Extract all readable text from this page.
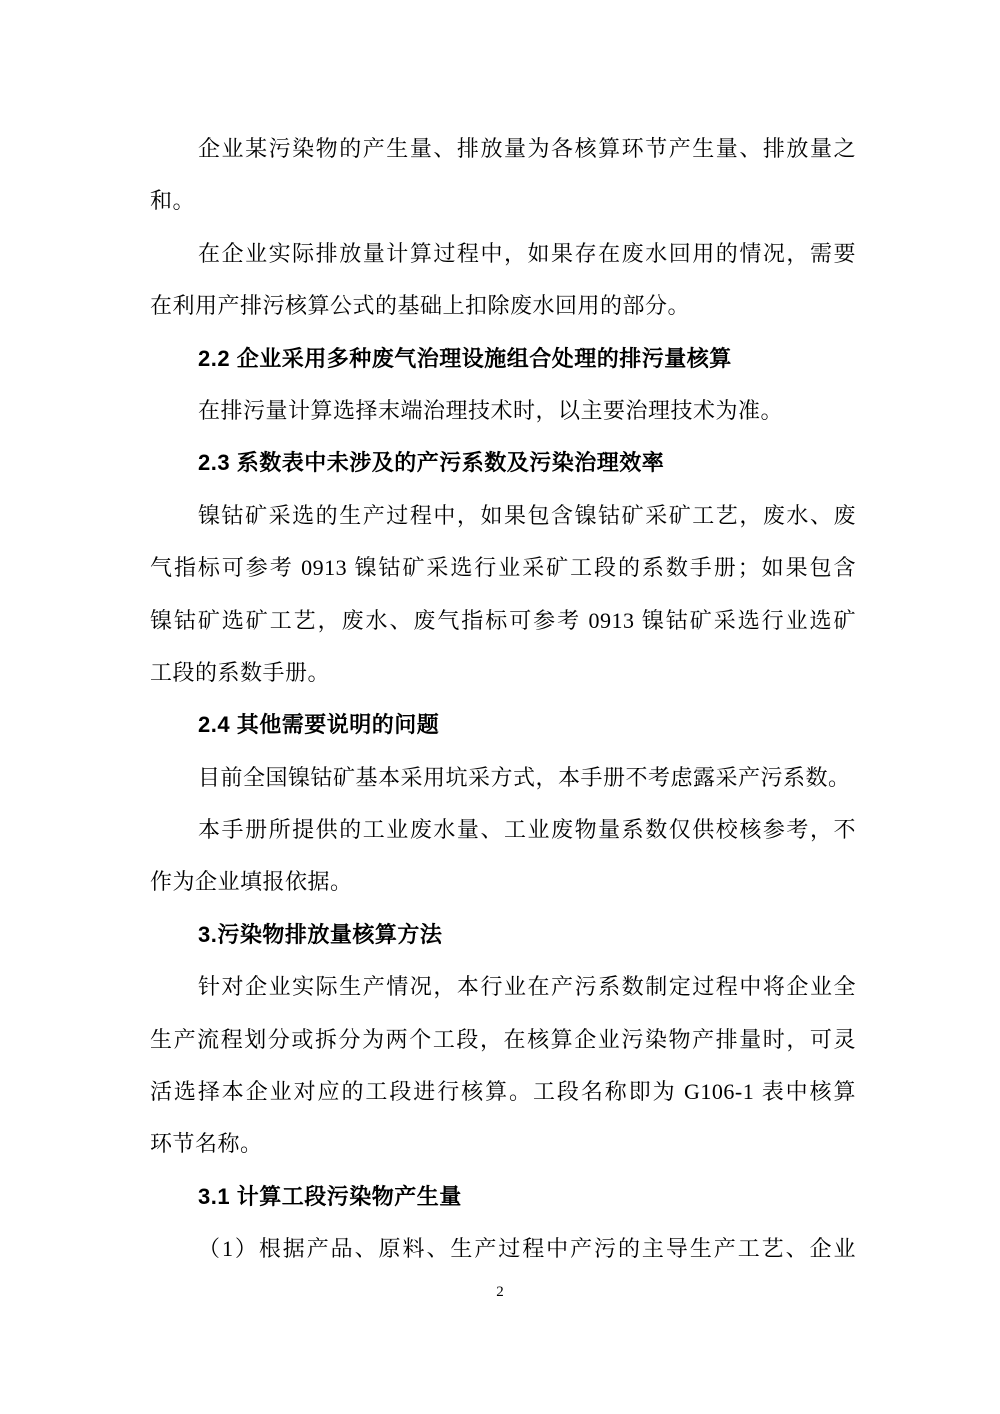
企业某污染物的产生量、排放量为各核算环节产生量、排放量之
和。
在企业实际排放量计算过程中，如果存在废水回用的情况，需要
在利用产排污核算公式的基础上扣除废水回用的部分。
2.2 企业采用多种废气治理设施组合处理的排污量核算
在排污量计算选择末端治理技术时，以主要治理技术为准。
2.3 系数表中未涉及的产污系数及污染治理效率
镍钴矿采选的生产过程中，如果包含镍钴矿采矿工艺，废水、废
气指标可参考 0913 镍钴矿采选行业采矿工段的系数手册；如果包含
镍钴矿选矿工艺，废水、废气指标可参考 0913 镍钴矿采选行业选矿
工段的系数手册。
2.4 其他需要说明的问题
目前全国镍钴矿基本采用坑采方式，本手册不考虑露采产污系数。
本手册所提供的工业废水量、工业废物量系数仅供校核参考，不
作为企业填报依据。
3.污染物排放量核算方法
针对企业实际生产情况，本行业在产污系数制定过程中将企业全
生产流程划分或拆分为两个工段，在核算企业污染物产排量时，可灵
活选择本企业对应的工段进行核算。工段名称即为 G106-1 表中核算
环节名称。
3.1 计算工段污染物产生量
（1）根据产品、原料、生产过程中产污的主导生产工艺、企业
2
